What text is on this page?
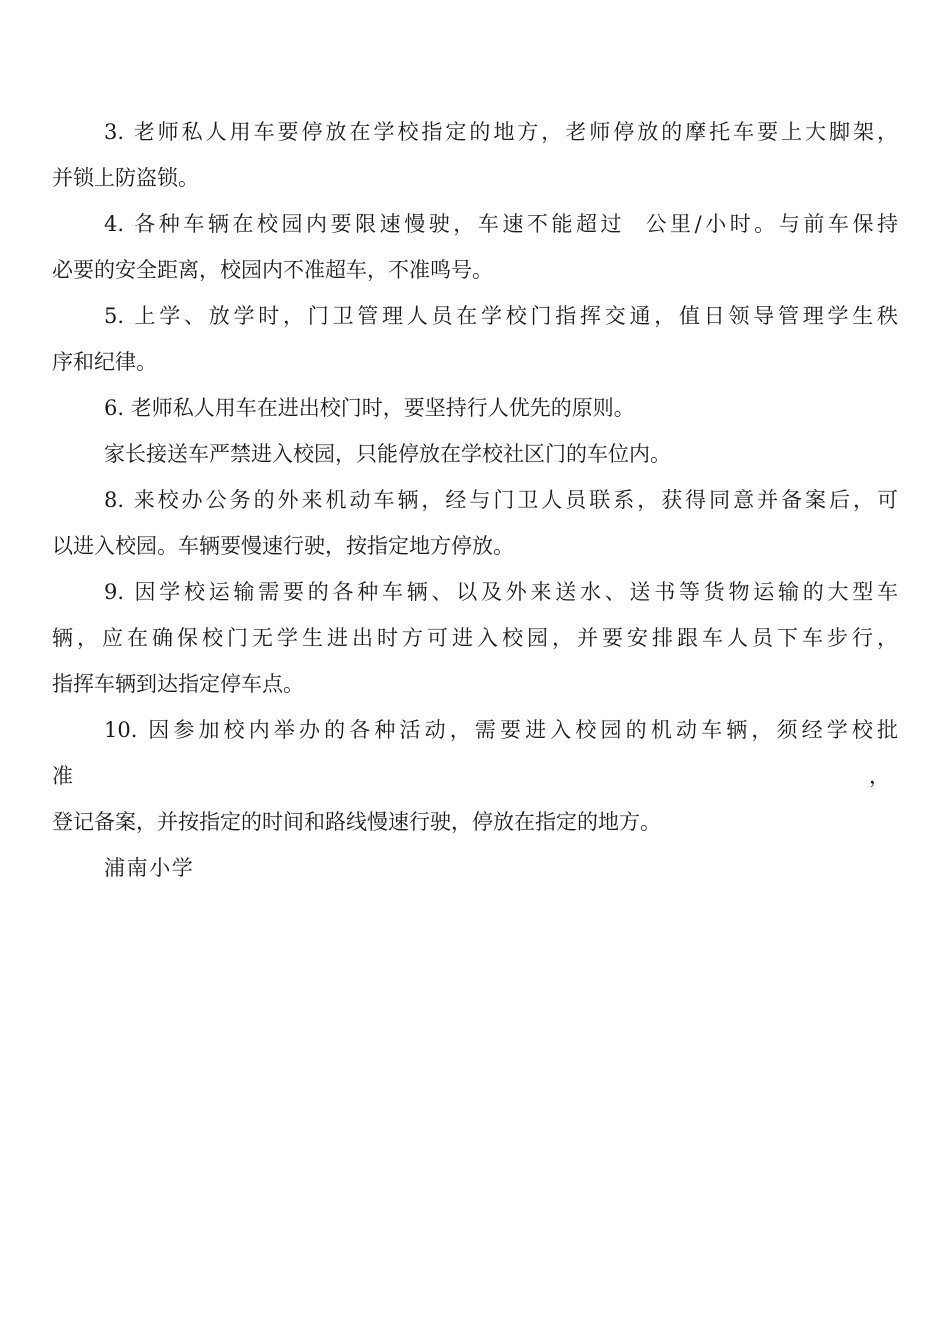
3. 老师私人用车要停放在学校指定的地方，老师停放的摩托车要上大脚架，
并锁上防盗锁。
4. 各种车辆在校园内要限速慢驶，车速不能超过  公里/小时。与前车保持
必要的安全距离，校园内不准超车，不准鸣号。
5. 上学、放学时，门卫管理人员在学校门指挥交通，值日领导管理学生秩
序和纪律。
6. 老师私人用车在进出校门时，要坚持行人优先的原则。
家长接送车严禁进入校园，只能停放在学校社区门的车位内。
8. 来校办公务的外来机动车辆，经与门卫人员联系，获得同意并备案后，可
以进入校园。车辆要慢速行驶，按指定地方停放。
9. 因学校运输需要的各种车辆、以及外来送水、送书等货物运输的大型车
辆，应在确保校门无学生进出时方可进入校园，并要安排跟车人员下车步行，
指挥车辆到达指定停车点。
10. 因参加校内举办的各种活动，需要进入校园的机动车辆，须经学校批
准	，
登记备案，并按指定的时间和路线慢速行驶，停放在指定的地方。

浦南小学
